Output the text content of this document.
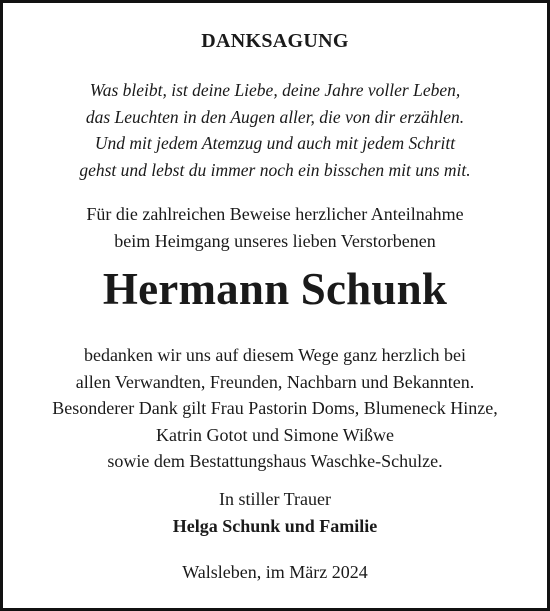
DANKSAGUNG
Was bleibt, ist deine Liebe, deine Jahre voller Leben,
das Leuchten in den Augen aller, die von dir erzählen.
Und mit jedem Atemzug und auch mit jedem Schritt
gehst und lebst du immer noch ein bisschen mit uns mit.
Für die zahlreichen Beweise herzlicher Anteilnahme
beim Heimgang unseres lieben Verstorbenen
Hermann Schunk
bedanken wir uns auf diesem Wege ganz herzlich bei
allen Verwandten, Freunden, Nachbarn und Bekannten.
Besonderer Dank gilt Frau Pastorin Doms, Blumeneck Hinze,
Katrin Gotot und Simone Wißwe
sowie dem Bestattungshaus Waschke-Schulze.
In stiller Trauer
Helga Schunk und Familie
Walsleben, im März 2024
